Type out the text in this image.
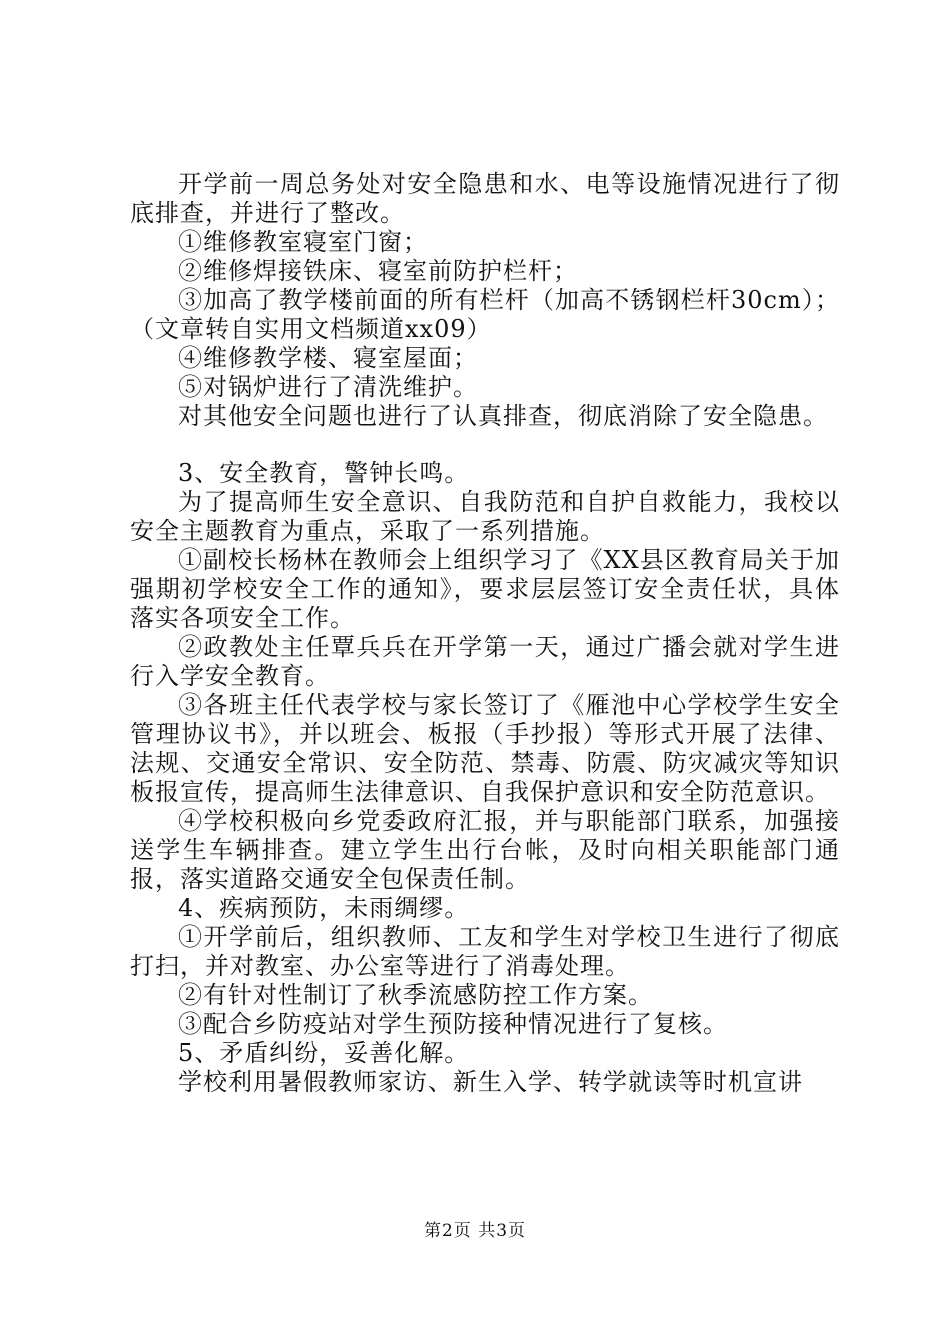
开学前一周总务处对安全隐患和水、电等设施情况进行了彻底排查，并进行了整改。

①维修教室寝室门窗；

②维修焊接铁床、寝室前防护栏杆；

③加高了教学楼前面的所有栏杆（加高不锈钢栏杆30cm）；（文章转自实用文档频道xx09）

④维修教学楼、寝室屋面；

⑤对锅炉进行了清洗维护。

对其他安全问题也进行了认真排查，彻底消除了安全隐患。

3、安全教育，警钟长鸣。

为了提高师生安全意识、自我防范和自护自救能力，我校以安全主题教育为重点，采取了一系列措施。

①副校长杨林在教师会上组织学习了《XX县区教育局关于加强期初学校安全工作的通知》，要求层层签订安全责任状，具体落实各项安全工作。

②政教处主任覃兵兵在开学第一天，通过广播会就对学生进行入学安全教育。

③各班主任代表学校与家长签订了《雁池中心学校学生安全管理协议书》，并以班会、板报（手抄报）等形式开展了法律、法规、交通安全常识、安全防范、禁毒、防震、防灾减灾等知识板报宣传，提高师生法律意识、自我保护意识和安全防范意识。

④学校积极向乡党委政府汇报，并与职能部门联系，加强接送学生车辆排查。建立学生出行台帐，及时向相关职能部门通报，落实道路交通安全包保责任制。

4、疾病预防，未雨绸缪。

①开学前后，组织教师、工友和学生对学校卫生进行了彻底打扫，并对教室、办公室等进行了消毒处理。

②有针对性制订了秋季流感防控工作方案。

③配合乡防疫站对学生预防接种情况进行了复核。

5、矛盾纠纷，妥善化解。

学校利用暑假教师家访、新生入学、转学就读等时机宣讲

第2页 共3页
